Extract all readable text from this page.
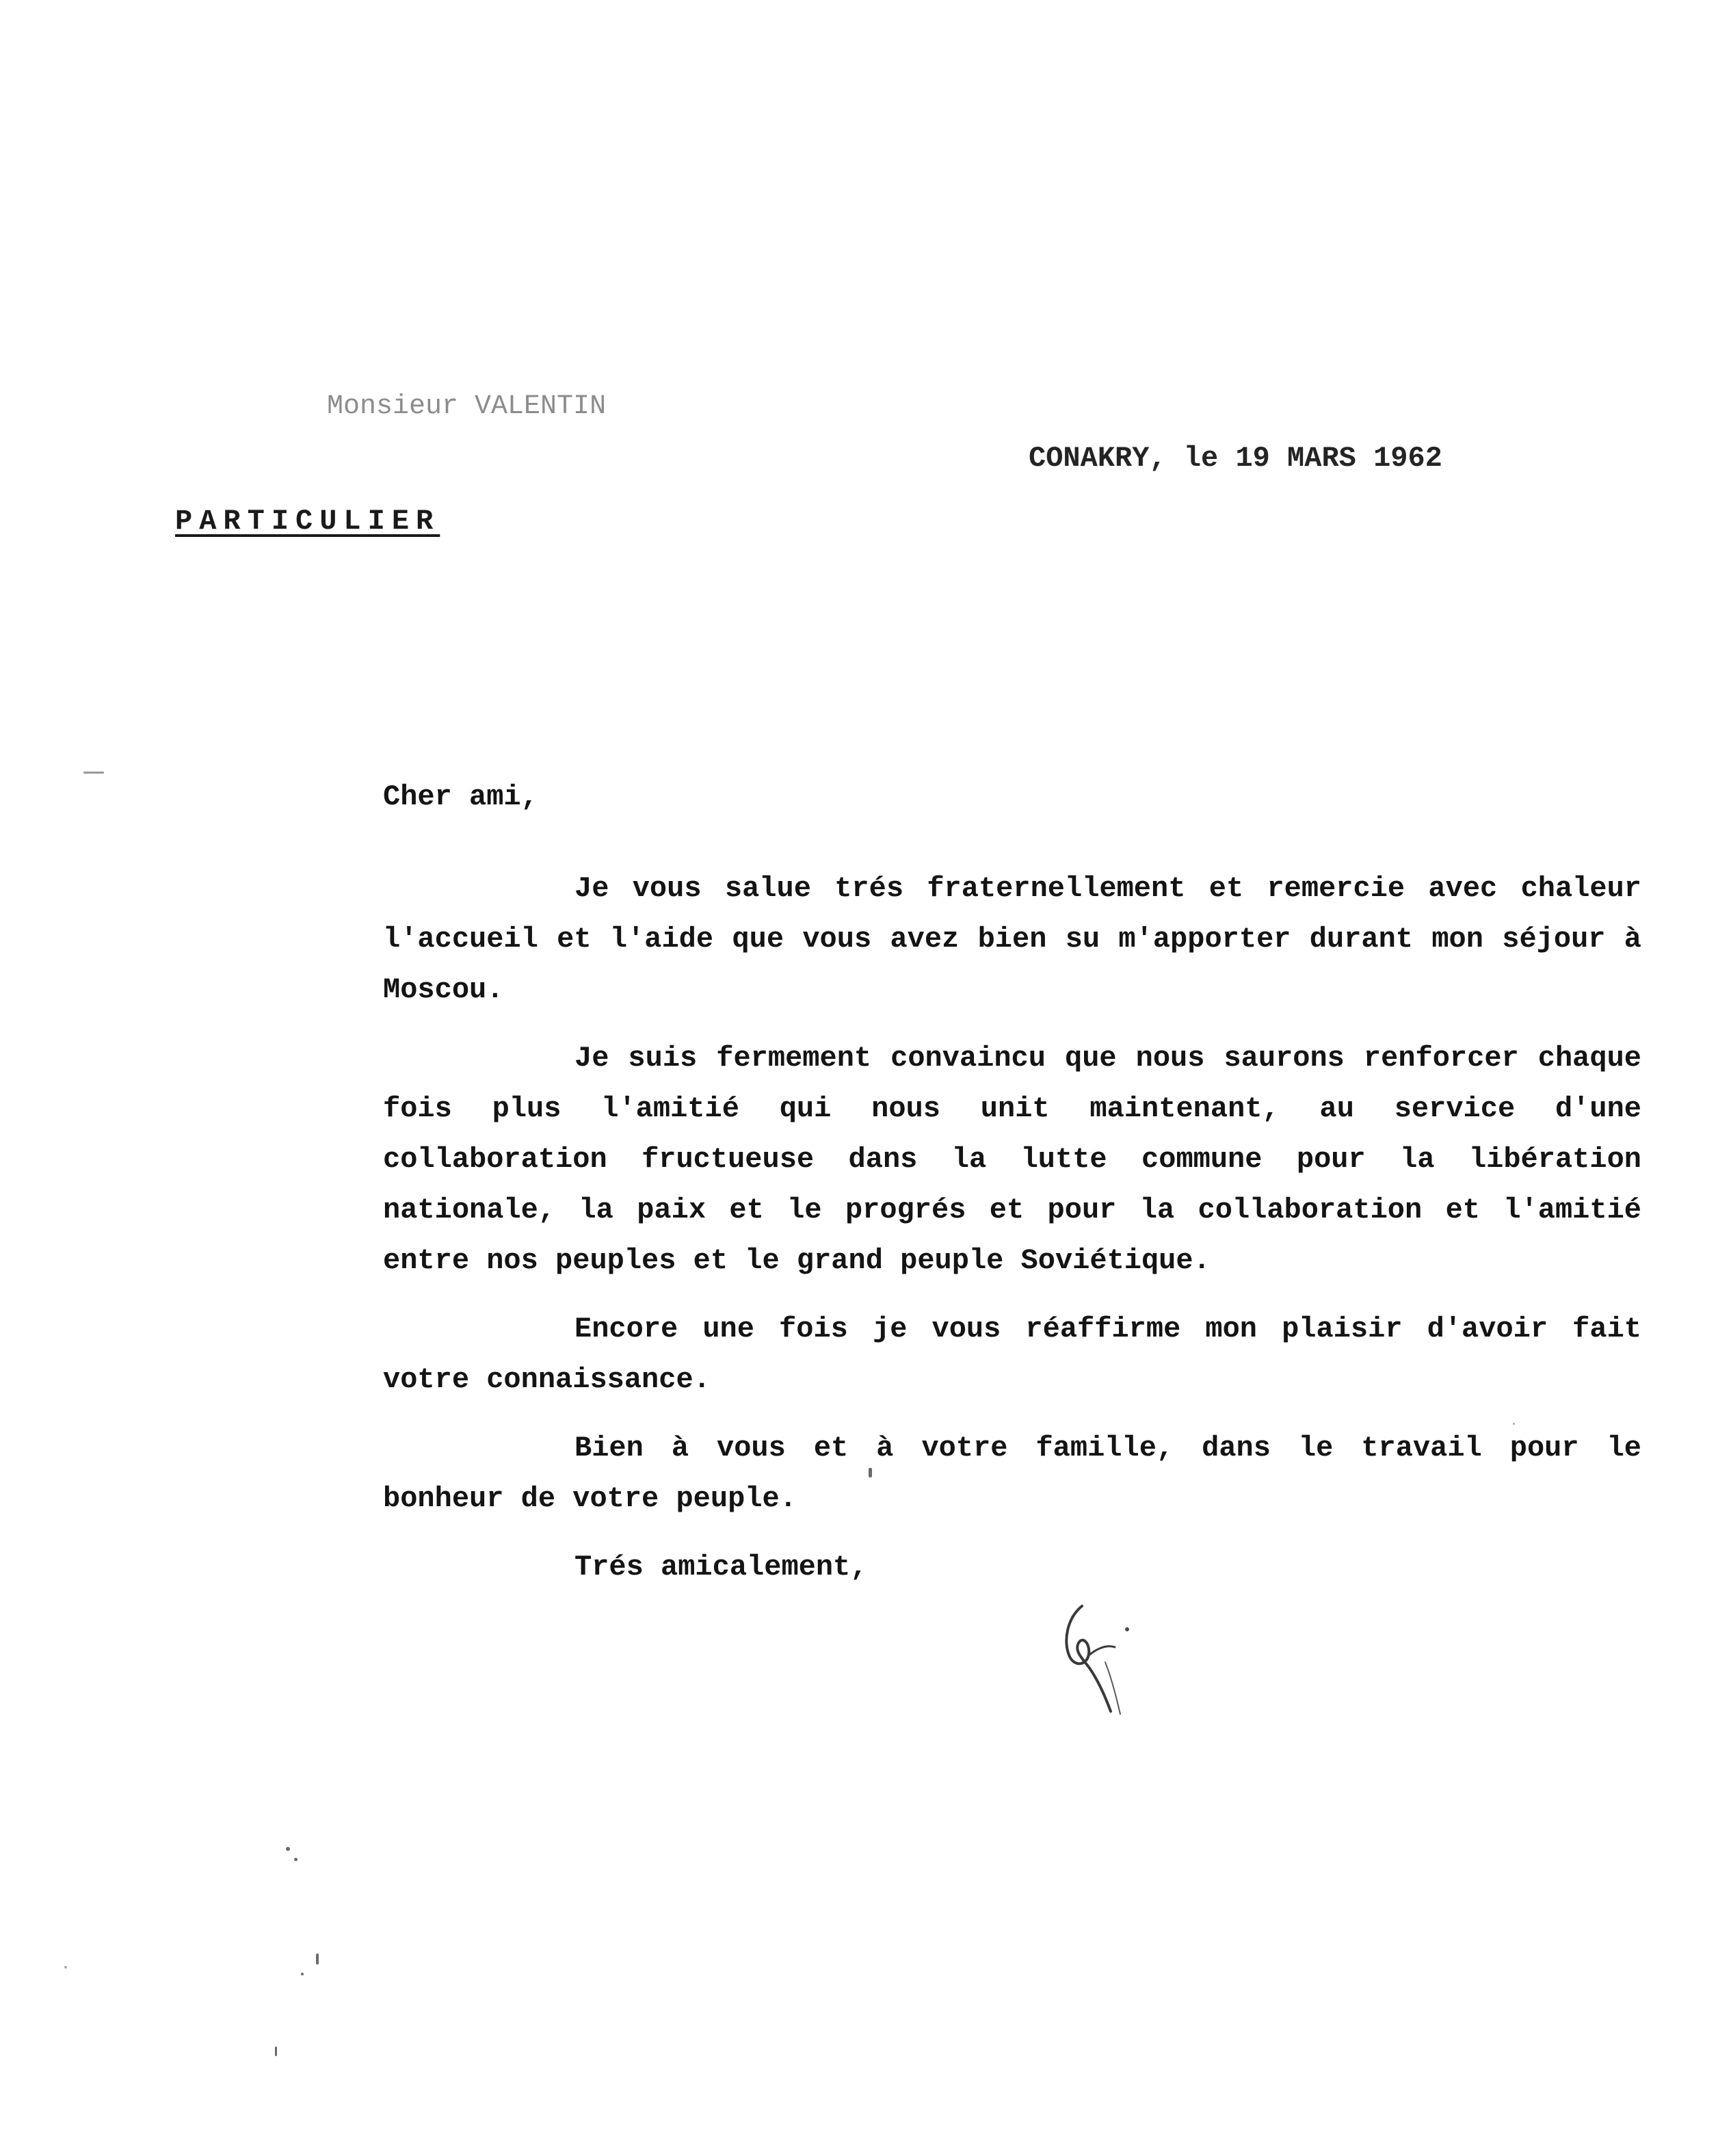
Monsieur VALENTIN
CONAKRY, le 19 MARS 1962
PARTICULIER

Cher ami,

Je vous salue trés fraternellement et remercie avec chaleur l'accueil et l'aide que vous avez bien su m'apporter durant mon séjour à Moscou.

Je suis fermement convaincu que nous saurons renforcer chaque fois plus l'amitié qui nous unit maintenant, au service d'une collaboration fructueuse dans la lutte commune pour la libération nationale, la paix et le progrés et pour la collaboration et l'amitié entre nos peuples et le grand peuple Soviétique.

Encore une fois je vous réaffirme mon plaisir d'avoir fait votre connaissance.

Bien à vous et à votre famille, dans le travail pour le bonheur de votre peuple.

Trés amicalement,
